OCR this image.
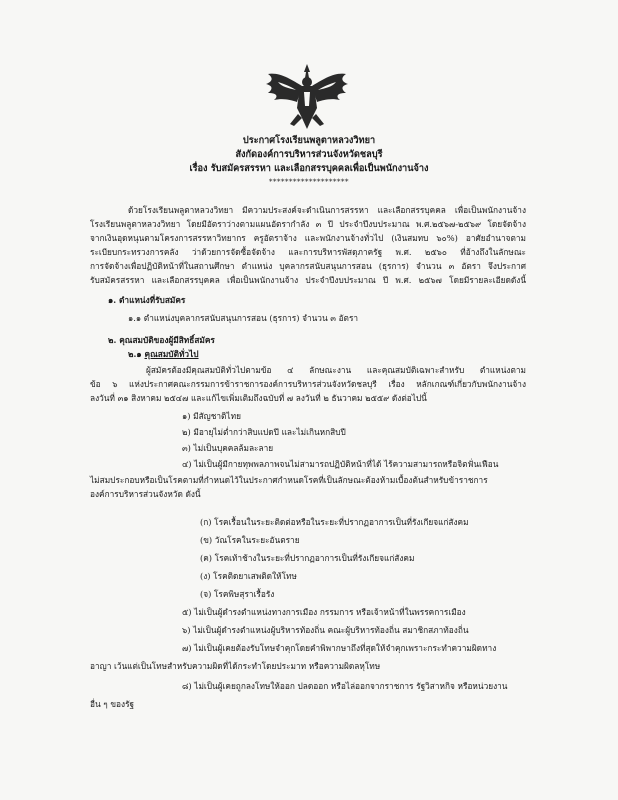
ประกาศโรงเรียนพลูตาหลวงวิทยา
สังกัดองค์การบริหารส่วนจังหวัดชลบุรี
เรื่อง รับสมัครสรรหา และเลือกสรรบุคคลเพื่อเป็นพนักงานจ้าง
********************
ด้วยโรงเรียนพลูตาหลวงวิทยา มีความประสงค์จะดำเนินการสรรหา และเลือกสรรบุคคล เพื่อเป็นพนักงานจ้าง
โรงเรียนพลูตาหลวงวิทยา โดยมีอัตราว่างตามแผนอัตรากำลัง ๓ ปี ประจำปีงบประมาณ พ.ศ.๒๕๖๗-๒๕๖๙ โดยจัดจ้าง
จากเงินอุดหนุนตามโครงการสรรหาวิทยากร ครูอัตราจ้าง และพนักงานจ้างทั่วไป (เงินสมทบ ๖๐%) อาศัยอำนาจตาม
ระเบียบกระทรวงการคลัง ว่าด้วยการจัดซื้อจัดจ้าง และการบริหารพัสดุภาครัฐ พ.ศ. ๒๕๖๐ ที่อ้างถึงในลักษณะ
การจัดจ้างเพื่อปฏิบัติหน้าที่ในสถานศึกษา ตำแหน่ง บุคลากรสนับสนุนการสอน (ธุรการ) จำนวน ๓ อัตรา จึงประกาศ
รับสมัครสรรหา และเลือกสรรบุคคล เพื่อเป็นพนักงานจ้าง ประจำปีงบประมาณ ปี พ.ศ. ๒๕๖๗ โดยมีรายละเอียดดังนี้
๑. ตำแหน่งที่รับสมัคร
๑.๑ ตำแหน่งบุคลากรสนับสนุนการสอน (ธุรการ) จำนวน ๓ อัตรา
๒. คุณสมบัติของผู้มีสิทธิ์สมัคร
๒.๑ คุณสมบัติทั่วไป
ผู้สมัครต้องมีคุณสมบัติทั่วไปตามข้อ ๔ ลักษณะงาน และคุณสมบัติเฉพาะสำหรับ ตำแหน่งตาม
ข้อ ๖ แห่งประกาศคณะกรรมการข้าราชการองค์การบริหารส่วนจังหวัดชลบุรี เรื่อง หลักเกณฑ์เกี่ยวกับพนักงานจ้าง
ลงวันที่ ๓๑ สิงหาคม ๒๕๔๗ และแก้ไขเพิ่มเติมถึงฉบับที่ ๗ ลงวันที่ ๒ ธันวาคม ๒๕๕๙ ดังต่อไปนี้
๑) มีสัญชาติไทย
๒) มีอายุไม่ต่ำกว่าสิบแปดปี และไม่เกินหกสิบปี
๓) ไม่เป็นบุคคลล้มละลาย
๔) ไม่เป็นผู้มีกายทุพพลภาพจนไม่สามารถปฏิบัติหน้าที่ได้ ไร้ความสามารถหรือจิตฟั่นเฟือน
ไม่สมประกอบหรือเป็นโรคตามที่กำหนดไว้ในประกาศกำหนดโรคที่เป็นลักษณะต้องห้ามเบื้องต้นสำหรับข้าราชการ
องค์การบริหารส่วนจังหวัด ดังนี้
(ก) โรคเรื้อนในระยะติดต่อหรือในระยะที่ปรากฏอาการเป็นที่รังเกียจแก่สังคม
(ข) วัณโรคในระยะอันตราย
(ค) โรคเท้าช้างในระยะที่ปรากฏอาการเป็นที่รังเกียจแก่สังคม
(ง) โรคติดยาเสพติดให้โทษ
(จ) โรคพิษสุราเรื้อรัง
๕) ไม่เป็นผู้ดำรงตำแหน่งทางการเมือง กรรมการ หรือเจ้าหน้าที่ในพรรคการเมือง
๖) ไม่เป็นผู้ดำรงตำแหน่งผู้บริหารท้องถิ่น คณะผู้บริหารท้องถิ่น สมาชิกสภาท้องถิ่น
๗) ไม่เป็นผู้เคยต้องรับโทษจำคุกโดยคำพิพากษาถึงที่สุดให้จำคุกเพราะกระทำความผิดทาง
อาญา เว้นแต่เป็นโทษสำหรับความผิดที่ได้กระทำโดยประมาท หรือความผิดลหุโทษ
๘) ไม่เป็นผู้เคยถูกลงโทษให้ออก ปลดออก หรือไล่ออกจากราชการ รัฐวิสาหกิจ หรือหน่วยงาน
อื่น ๆ ของรัฐ
